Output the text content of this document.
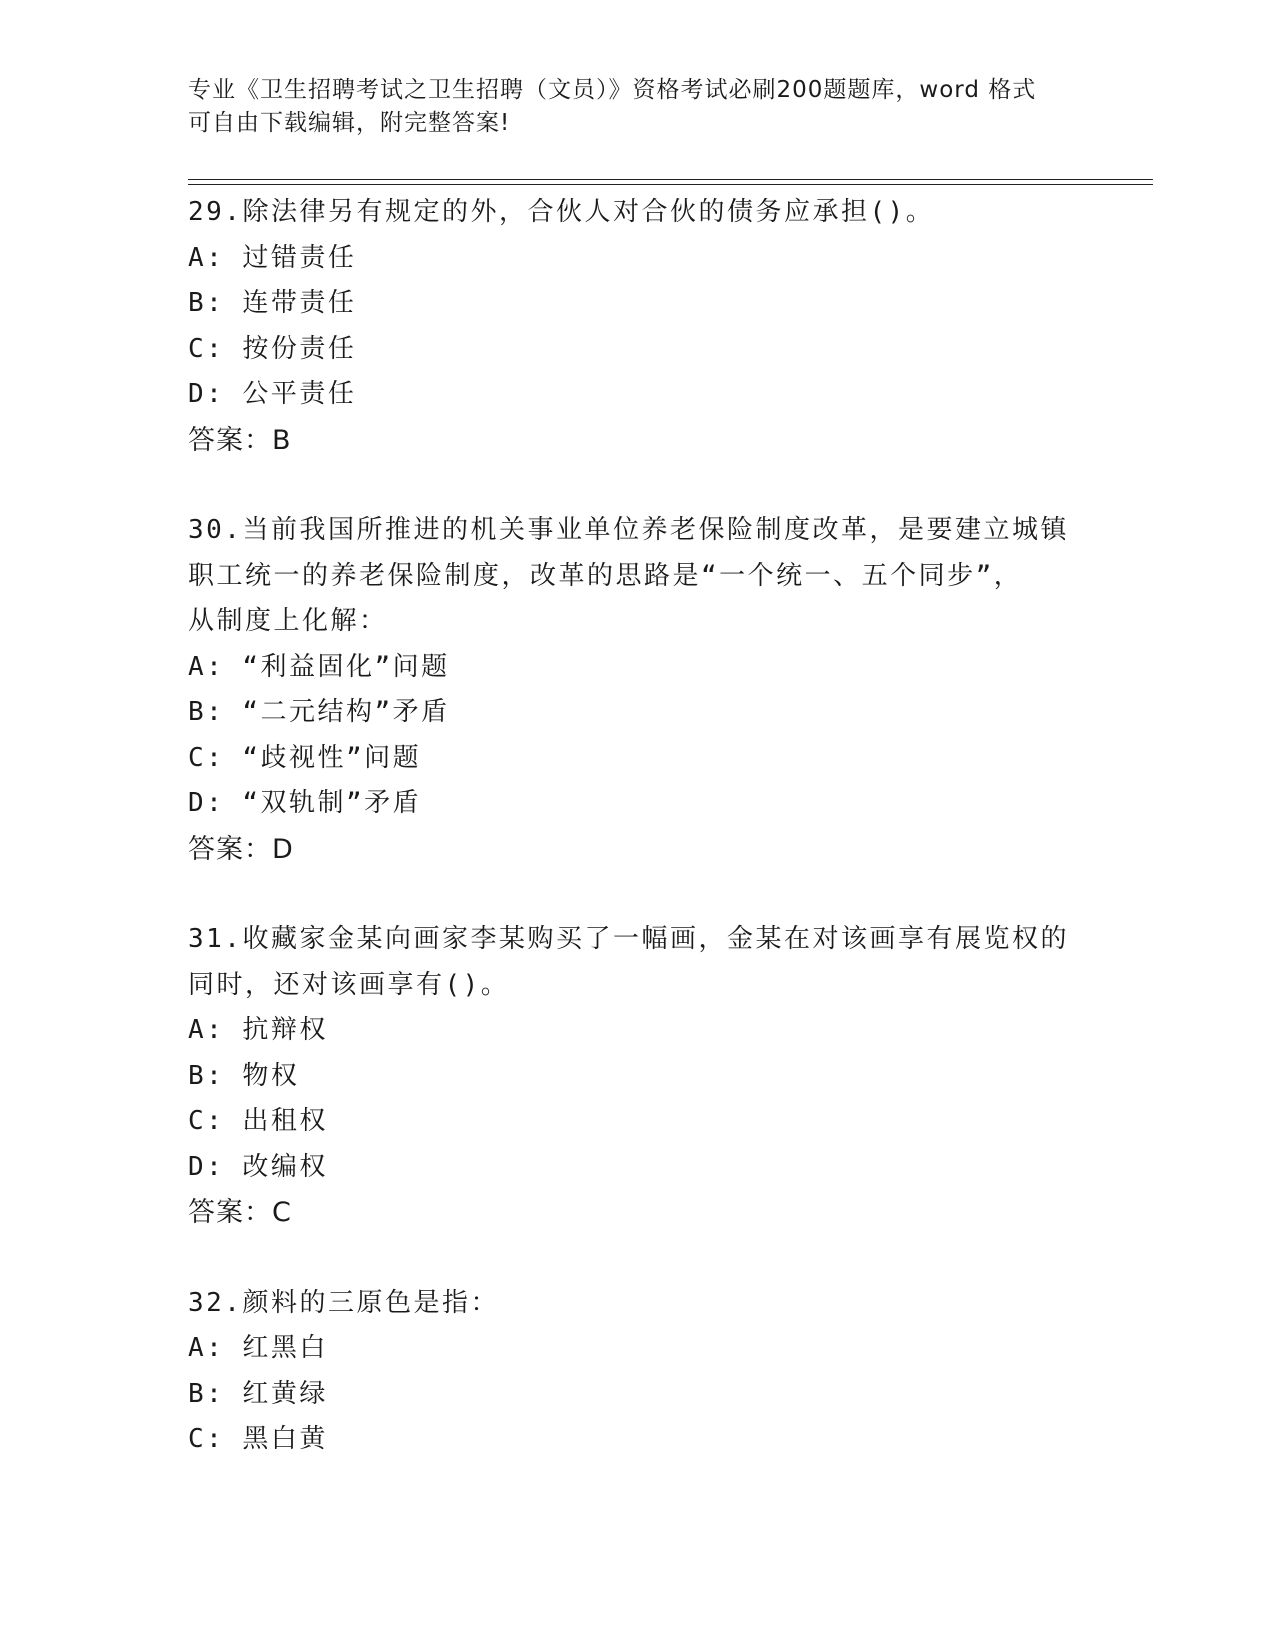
专业《卫生招聘考试之卫生招聘（文员）》资格考试必刷200题题库，word 格式
可自由下载编辑，附完整答案!
29.除法律另有规定的外，合伙人对合伙的债务应承担()。
A: 过错责任
B: 连带责任
C: 按份责任
D: 公平责任
答案：B
30.当前我国所推进的机关事业单位养老保险制度改革，是要建立城镇
职工统一的养老保险制度，改革的思路是“一个统一、五个同步”，
从制度上化解：
A: “利益固化”问题
B: “二元结构”矛盾
C: “歧视性”问题
D: “双轨制”矛盾
答案：D
31.收藏家金某向画家李某购买了一幅画，金某在对该画享有展览权的
同时，还对该画享有()。
A: 抗辩权
B: 物权
C: 出租权
D: 改编权
答案：C
32.颜料的三原色是指：
A: 红黑白
B: 红黄绿
C: 黑白黄
